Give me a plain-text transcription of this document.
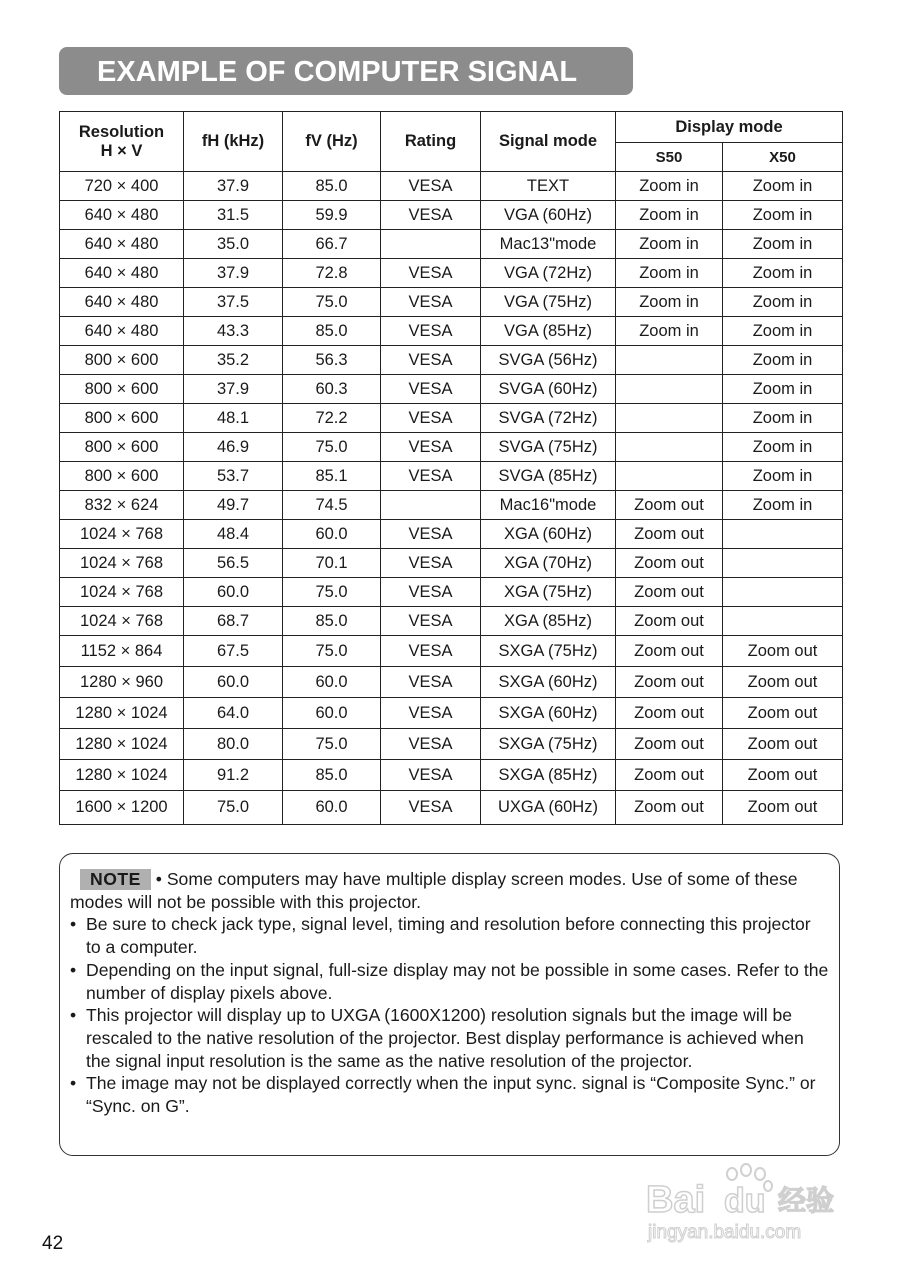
EXAMPLE OF COMPUTER SIGNAL
Resolution
H × V	fH (kHz)	fV (Hz)	Rating	Signal mode	Display mode	
					S50	X50
720 × 400	37.9	85.0	VESA	TEXT	Zoom in	Zoom in
640 × 480	31.5	59.9	VESA	VGA (60Hz)	Zoom in	Zoom in
640 × 480	35.0	66.7		Mac13"mode	Zoom in	Zoom in
640 × 480	37.9	72.8	VESA	VGA (72Hz)	Zoom in	Zoom in
640 × 480	37.5	75.0	VESA	VGA (75Hz)	Zoom in	Zoom in
640 × 480	43.3	85.0	VESA	VGA (85Hz)	Zoom in	Zoom in
800 × 600	35.2	56.3	VESA	SVGA (56Hz)		Zoom in
800 × 600	37.9	60.3	VESA	SVGA (60Hz)		Zoom in
800 × 600	48.1	72.2	VESA	SVGA (72Hz)		Zoom in
800 × 600	46.9	75.0	VESA	SVGA (75Hz)		Zoom in
800 × 600	53.7	85.1	VESA	SVGA (85Hz)		Zoom in
832 × 624	49.7	74.5		Mac16"mode	Zoom out	Zoom in
1024 × 768	48.4	60.0	VESA	XGA (60Hz)	Zoom out	
1024 × 768	56.5	70.1	VESA	XGA (70Hz)	Zoom out	
1024 × 768	60.0	75.0	VESA	XGA (75Hz)	Zoom out	
1024 × 768	68.7	85.0	VESA	XGA (85Hz)	Zoom out	
1152 × 864	67.5	75.0	VESA	SXGA (75Hz)	Zoom out	Zoom out
1280 × 960	60.0	60.0	VESA	SXGA (60Hz)	Zoom out	Zoom out
1280 × 1024	64.0	60.0	VESA	SXGA (60Hz)	Zoom out	Zoom out
1280 × 1024	80.0	75.0	VESA	SXGA (75Hz)	Zoom out	Zoom out
1280 × 1024	91.2	85.0	VESA	SXGA (85Hz)	Zoom out	Zoom out
1600 × 1200	75.0	60.0	VESA	UXGA (60Hz)	Zoom out	Zoom out

NOTE • Some computers may have multiple display screen modes. Use of some of these modes will not be possible with this projector.

• Be sure to check jack type, signal level, timing and resolution before connecting this projector to a computer.
• Depending on the input signal, full-size display may not be possible in some cases. Refer to the number of display pixels above.
• This projector will display up to UXGA (1600X1200) resolution signals but the image will be rescaled to the native resolution of the projector. Best display performance is achieved when the signal input resolution is the same as the native resolution of the projector.
• The image may not be displayed correctly when the input sync. signal is “Composite Sync.” or “Sync. on G”.
Bai du 经验
jingyan.baidu.com
42
